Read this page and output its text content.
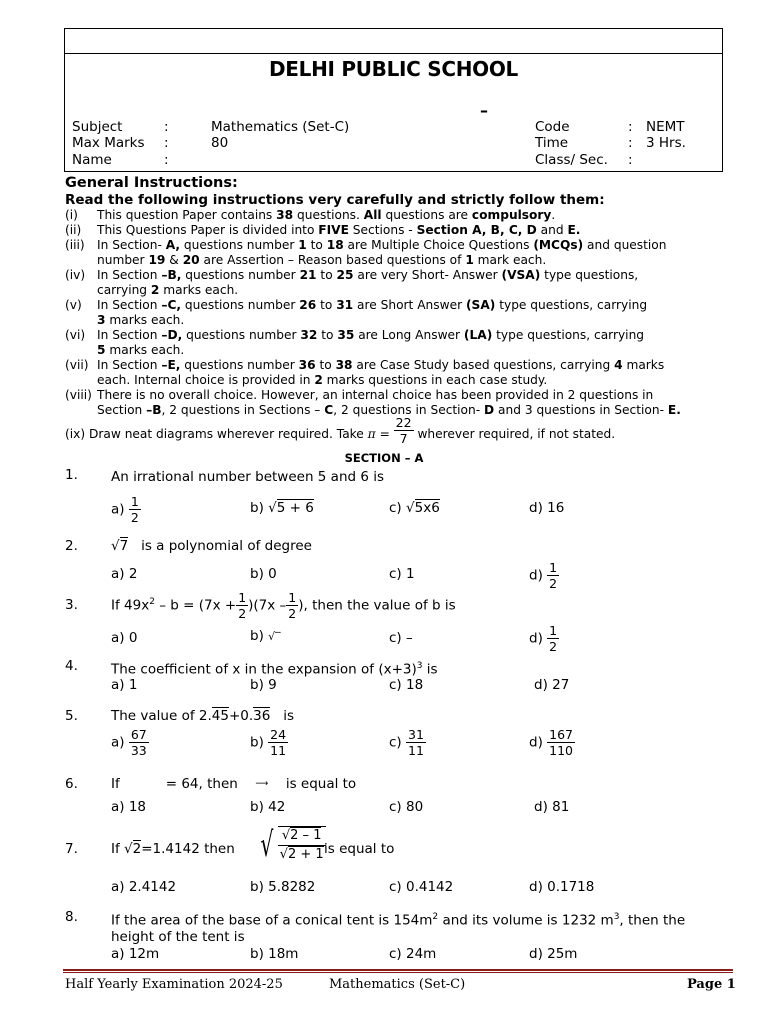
DELHI PUBLIC SCHOOL
–
Subject	:	Mathematics (Set-C)	Code	: NEMT
Max Marks :	80	Time	: 3 Hrs.
Name	:	Class/ Sec. :
General Instructions:
Read the following instructions very carefully and strictly follow them:
(i) This question Paper contains 38 questions. All questions are compulsory.
(ii) This Questions Paper is divided into FIVE Sections - Section A, B, C, D and E.
(iii) In Section- A, questions number 1 to 18 are Multiple Choice Questions (MCQs) and question
number 19 & 20 are Assertion – Reason based questions of 1 mark each.
(iv) In Section –B, questions number 21 to 25 are very Short- Answer (VSA) type questions,
carrying 2 marks each.
(v) In Section –C, questions number 26 to 31 are Short Answer (SA) type questions, carrying
3 marks each.
(vi) In Section –D, questions number 32 to 35 are Long Answer (LA) type questions, carrying
5 marks each.
(vii) In Section –E, questions number 36 to 38 are Case Study based questions, carrying 4 marks
each. Internal choice is provided in 2 marks questions in each case study.
(viii) There is no overall choice. However, an internal choice has been provided in 2 questions in
Section –B, 2 questions in Sections – C, 2 questions in Section- D and 3 questions in Section- E.
(ix) Draw neat diagrams wherever required. Take $\pi = \frac{22}{7}$ wherever required, if not stated.
SECTION – A
1. An irrational number between 5 and 6 is
$a) \frac{1}{2}$	b) √5 + 6	c) √5x6	d) 16
2. √7 is a polynomial of degree
a) 2	b) 0	c) 1	$d) \frac{1}{2}$
3. If $49x^2 - b = (7x + \frac{1}{2} )(7x - \frac{1}{2}$ ), then the value of b is
a) 0	b) √‾	c) –	$d) \frac{1}{2}$
4. The coefficient of x in the expansion of $(x+3)^3$ is
a) 1	b) 9	c) 18	d) 27
5. The value of 2.45+0.36 is
$a) \frac{67}{33}$	$b) \frac{24}{11}$	$c) \frac{31}{11}$	$d) \frac{167}{110}$
6. If	= 64, then ⟶ is equal to
a) 18	b) 42	c) 80	d) 81
7. If √2=1.4142 then √ $\frac{√2 - 1}{√2 + 1}$
is equal to
a) 2.4142	b) 5.8282	c) 0.4142	d) 0.1718
8. If the area of the base of a conical tent is $154m^2$ and its volume is 1232 $m^3$, then the
height of the tent is
a) 12m	b) 18m	c) 24m	d) 25m
Half Yearly Examination 2024-25	Mathematics (Set-C)	Page 1
